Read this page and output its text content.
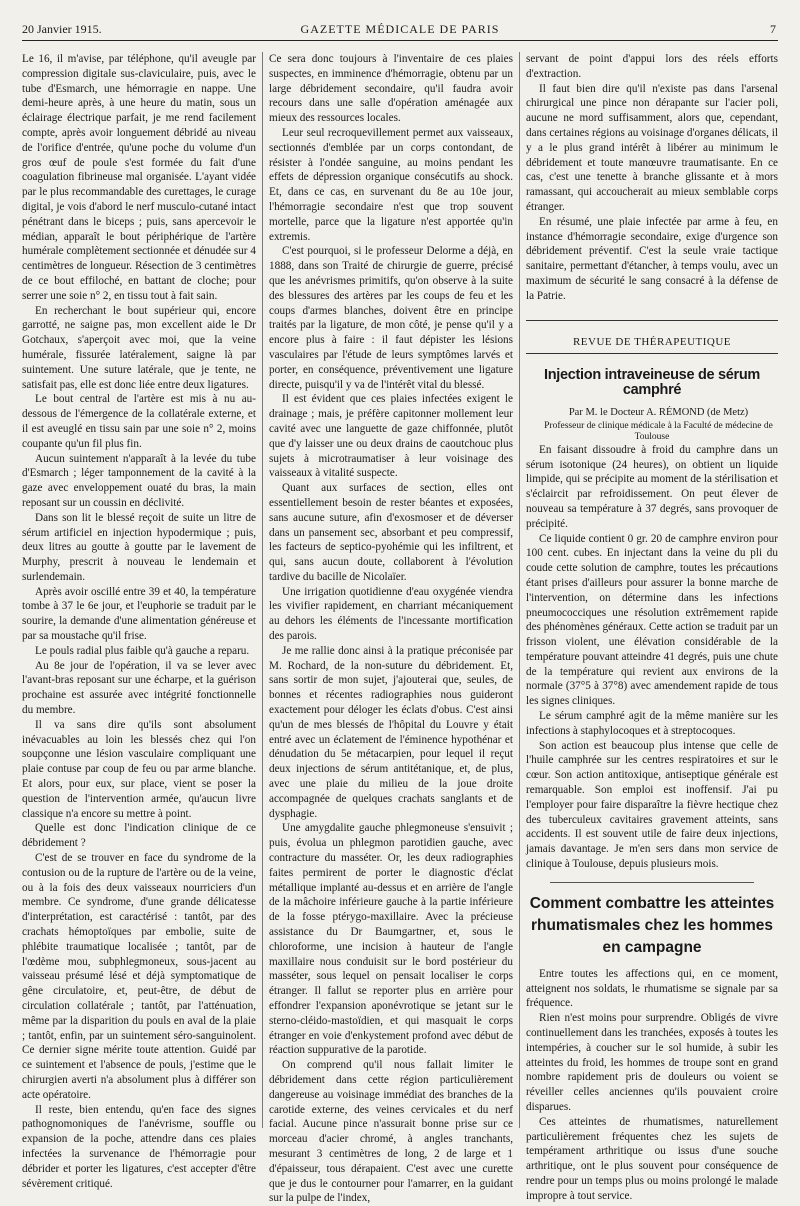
20 Janvier 1915.	GAZETTE MÉDICALE DE PARIS	7

Le 16, il m'avise, par téléphone, qu'il aveugle par compression digitale sus-claviculaire, puis, avec le tube d'Esmarch, une hémorragie en nappe. Une demi-heure après, à une heure du matin, sous un éclairage électrique parfait, je me rend facilement compte, après avoir longuement débridé au niveau de l'orifice d'entrée, qu'une poche du volume d'un gros œuf de poule s'est formée du fait d'une coagulation fibrineuse mal organisée. L'ayant vidée par le plus recommandable des curettages, le curage digital, je vois d'abord le nerf musculo-cutané intact pénétrant dans le biceps ; puis, sans apercevoir le médian, apparaît le bout périphérique de l'artère humérale complètement sectionnée et dénudée sur 4 centimètres de longueur. Résection de 3 centimètres de ce bout effiloché, en battant de cloche; pour serrer une soie n° 2, en tissu tout à fait sain.

En recherchant le bout supérieur qui, encore garrotté, ne saigne pas, mon excellent aide le Dr Gotchaux, s'aperçoit avec moi, que la veine humérale, fissurée latéralement, saigne là par suintement. Une suture latérale, que je tente, ne satisfait pas, elle est donc liée entre deux ligatures.

Le bout central de l'artère est mis à nu au-dessous de l'émergence de la collatérale externe, et il est aveuglé en tissu sain par une soie n° 2, moins coupante qu'un fil plus fin.

Aucun suintement n'apparaît à la levée du tube d'Esmarch ; léger tamponnement de la cavité à la gaze avec enveloppement ouaté du bras, la main reposant sur un coussin en déclivité.

Dans son lit le blessé reçoit de suite un litre de sérum artificiel en injection hypodermique ; puis, deux litres au goutte à goutte par le lavement de Murphy, prescrit à nouveau le lendemain et surlendemain.

Après avoir oscillé entre 39 et 40, la température tombe à 37 le 6e jour, et l'euphorie se traduit par le sourire, la demande d'une alimentation généreuse et par sa moustache qu'il frise.

Le pouls radial plus faible qu'à gauche a reparu.

Au 8e jour de l'opération, il va se lever avec l'avant-bras reposant sur une écharpe, et la guérison prochaine est assurée avec intégrité fonctionnelle du membre.

Il va sans dire qu'ils sont absolument inévacuables au loin les blessés chez qui l'on soupçonne une lésion vasculaire compliquant une plaie contuse par coup de feu ou par arme blanche. Et alors, pour eux, sur place, vient se poser la question de l'intervention armée, qu'aucun livre classique n'a encore su mettre à point.

Quelle est donc l'indication clinique de ce débridement ?

C'est de se trouver en face du syndrome de la contusion ou de la rupture de l'artère ou de la veine, ou à la fois des deux vaisseaux nourriciers d'un membre. Ce syndrome, d'une grande délicatesse d'interprétation, est caractérisé : tantôt, par des crachats hémoptoïques par embolie, suite de phlébite traumatique localisée ; tantôt, par de l'œdème mou, subphlegmoneux, sous-jacent au vaisseau présumé lésé et déjà symptomatique de gêne circulatoire, et, peut-être, de début de circulation collatérale ; tantôt, par l'atténuation, même par la disparition du pouls en aval de la plaie ; tantôt, enfin, par un suintement séro-sanguinolent. Ce dernier signe mérite toute attention. Guidé par ce suintement et l'absence de pouls, j'estime que le chirurgien averti n'a absolument plus à différer son acte opératoire.

Il reste, bien entendu, qu'en face des signes pathognomoniques de l'anévrisme, souffle ou expansion de la poche, attendre dans ces plaies infectées la survenance de l'hémorragie pour débrider et porter les ligatures, c'est accepter d'être sévèrement critiqué.

Ce sera donc toujours à l'inventaire de ces plaies suspectes, en imminence d'hémorragie, obtenu par un large débridement secondaire, qu'il faudra avoir recours dans une salle d'opération aménagée aux mieux des ressources locales.

Leur seul recroquevillement permet aux vaisseaux, sectionnés d'emblée par un corps contondant, de résister à l'ondée sanguine, au moins pendant les effets de dépression organique consécutifs au shock. Et, dans ce cas, en survenant du 8e au 10e jour, l'hémorragie secondaire n'est que trop souvent mortelle, parce que la ligature n'est apportée qu'in extremis.

C'est pourquoi, si le professeur Delorme a déjà, en 1888, dans son Traité de chirurgie de guerre, précisé que les anévrismes primitifs, qu'on observe à la suite des blessures des artères par les coups de feu et les coups d'armes blanches, doivent être en principe traités par la ligature, de mon côté, je pense qu'il y a encore plus à faire : il faut dépister les lésions vasculaires par l'étude de leurs symptômes larvés et porter, en conséquence, préventivement une ligature directe, puisqu'il y va de l'intérêt vital du blessé.

Il est évident que ces plaies infectées exigent le drainage ; mais, je préfère capitonner mollement leur cavité avec une languette de gaze chiffonnée, plutôt que d'y laisser une ou deux drains de caoutchouc plus sujets à microtraumatiser à leur voisinage des vaisseaux à vitalité suspecte.

Quant aux surfaces de section, elles ont essentiellement besoin de rester béantes et exposées, sans aucune suture, afin d'exosmoser et de déverser dans un pansement sec, absorbant et peu compressif, les facteurs de septico-pyohémie qui les infiltrent, et qui, sans aucun doute, collaborent à l'évolution tardive du bacille de Nicolaïer.

Une irrigation quotidienne d'eau oxygénée viendra les vivifier rapidement, en charriant mécaniquement au dehors les éléments de l'incessante mortification des parois.

Je me rallie donc ainsi à la pratique préconisée par M. Rochard, de la non-suture du débridement. Et, sans sortir de mon sujet, j'ajouterai que, seules, de bonnes et récentes radiographies nous guideront exactement pour déloger les éclats d'obus. C'est ainsi qu'un de mes blessés de l'hôpital du Louvre y était entré avec un éclatement de l'éminence hypothénar et dénudation du 5e métacarpien, pour lequel il reçut deux injections de sérum antitétanique, et, de plus, avec une plaie du milieu de la joue droite accompagnée de quelques crachats sanglants et de dysphagie.

Une amygdalite gauche phlegmoneuse s'ensuivit ; puis, évolua un phlegmon parotidien gauche, avec contracture du masséter. Or, les deux radiographies faites permirent de porter le diagnostic d'éclat métallique implanté au-dessus et en arrière de l'angle de la mâchoire inférieure gauche à la partie inférieure de la fosse ptérygo-maxillaire. Avec la précieuse assistance du Dr Baumgartner, et, sous le chloroforme, une incision à hauteur de l'angle maxillaire nous conduisit sur le bord postérieur du masséter, sous lequel on pensait localiser le corps étranger. Il fallut se reporter plus en arrière pour effondrer l'expansion aponévrotique se jetant sur le sterno-cléido-mastoïdien, et qui masquait le corps étranger en voie d'enkystement profond avec début de réaction suppurative de la parotide.

On comprend qu'il nous fallait limiter le débridement dans cette région particulièrement dangereuse au voisinage immédiat des branches de la carotide externe, des veines cervicales et du nerf facial. Aucune pince n'assurait bonne prise sur ce morceau d'acier chromé, à angles tranchants, mesurant 3 centimètres de long, 2 de large et 1 d'épaisseur, tous dérapaient. C'est avec une curette que je dus le contourner pour l'amarrer, en la guidant sur la pulpe de l'index,

servant de point d'appui lors des réels efforts d'extraction.

Il faut bien dire qu'il n'existe pas dans l'arsenal chirurgical une pince non dérapante sur l'acier poli, aucune ne mord suffisamment, alors que, cependant, dans certaines régions au voisinage d'organes délicats, il y a le plus grand intérêt à libérer au minimum le débridement et toute manœuvre traumatisante. En ce cas, c'est une tenette à branche glissante et à mors ramassant, qui accoucherait au mieux semblable corps étranger.

En résumé, une plaie infectée par arme à feu, en instance d'hémorragie secondaire, exige d'urgence son débridement préventif. C'est la seule vraie tactique sanitaire, permettant d'étancher, à temps voulu, avec un maximum de sécurité le sang consacré à la défense de la Patrie.

REVUE DE THÉRAPEUTIQUE
Injection intraveineuse de sérum camphré

Par M. le Docteur A. RÉMOND (de Metz)

Professeur de clinique médicale à la Faculté de médecine de Toulouse

En faisant dissoudre à froid du camphre dans un sérum isotonique (24 heures), on obtient un liquide limpide, qui se précipite au moment de la stérilisation et s'éclaircit par refroidissement. On peut élever de nouveau sa température à 37 degrés, sans provoquer de précipité.

Ce liquide contient 0 gr. 20 de camphre environ pour 100 cent. cubes. En injectant dans la veine du pli du coude cette solution de camphre, toutes les précautions étant prises d'ailleurs pour assurer la bonne marche de l'intervention, on détermine dans les infections pneumococciques une résolution extrêmement rapide des phénomènes généraux. Cette action se traduit par un frisson violent, une élévation considérable de la température pouvant atteindre 41 degrés, puis une chute de la température qui revient aux environs de la normale (37°5 à 37°8) avec amendement rapide de tous les signes cliniques.

Le sérum camphré agit de la même manière sur les infections à staphylocoques et à streptocoques.

Son action est beaucoup plus intense que celle de l'huile camphrée sur les centres respiratoires et sur le cœur. Son action antitoxique, antiseptique générale est remarquable. Son emploi est inoffensif. J'ai pu l'employer pour faire disparaître la fièvre hectique chez des tuberculeux cavitaires gravement atteints, sans accidents. Il est souvent utile de faire deux injections, jamais davantage. Je m'en sers dans mon service de clinique à Toulouse, depuis plusieurs mois.

Comment combattre les atteintes rhumatismales chez les hommes en campagne

Entre toutes les affections qui, en ce moment, atteignent nos soldats, le rhumatisme se signale par sa fréquence.

Rien n'est moins pour surprendre. Obligés de vivre continuellement dans les tranchées, exposés à toutes les intempéries, à coucher sur le sol humide, à subir les atteintes du froid, les hommes de troupe sont en grand nombre rapidement pris de douleurs ou voient se réveiller celles anciennes qu'ils pouvaient croire disparues.

Ces atteintes de rhumatismes, naturellement particulièrement fréquentes chez les sujets de tempérament arthritique ou issus d'une souche arthritique, ont le plus souvent pour conséquence de rendre pour un temps plus ou moins prolongé le malade impropre à tout service.
